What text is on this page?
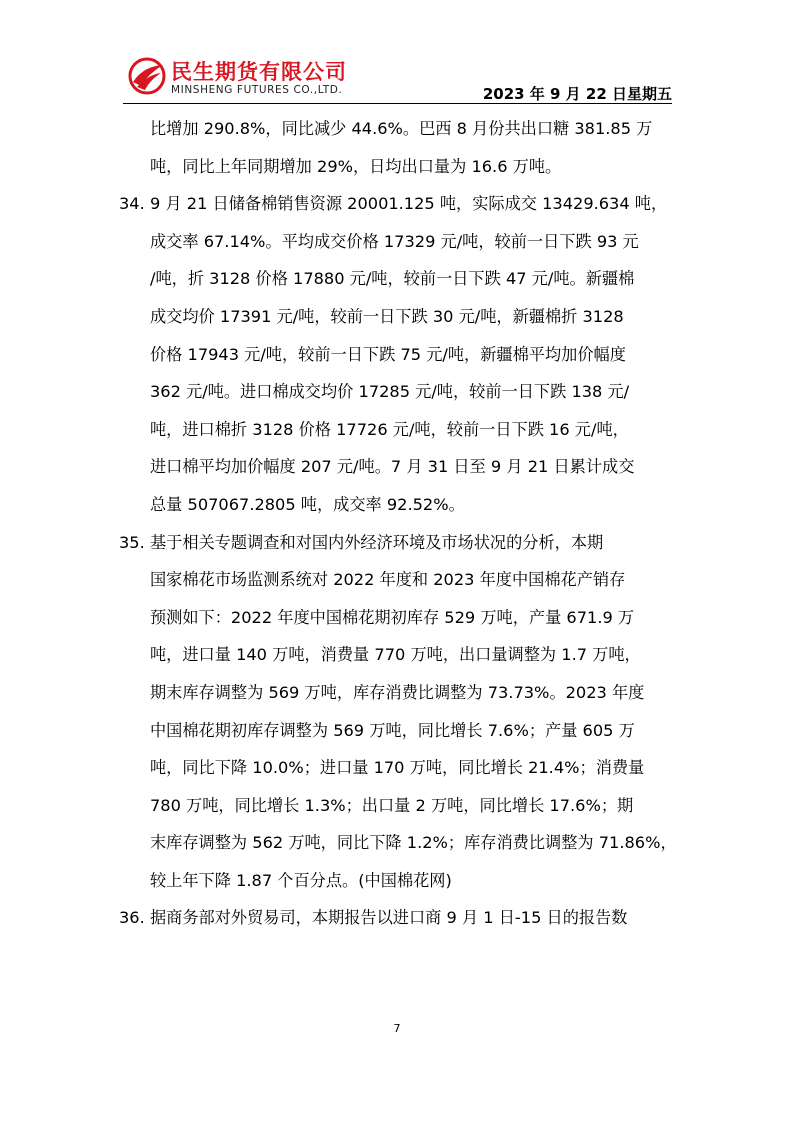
民生期货有限公司
MINSHENG FUTURES CO.,LTD.	2023 年 9 月 22 日星期五
比增加 290.8%，同比减少 44.6%。巴西 8 月份共出口糖 381.85 万
吨，同比上年同期增加 29%，日均出口量为 16.6 万吨。
34. 9 月 21 日储备棉销售资源 20001.125 吨，实际成交 13429.634 吨，
成交率 67.14%。平均成交价格 17329 元/吨，较前一日下跌 93 元
/吨，折 3128 价格 17880 元/吨，较前一日下跌 47 元/吨。新疆棉
成交均价 17391 元/吨，较前一日下跌 30 元/吨，新疆棉折 3128
价格 17943 元/吨，较前一日下跌 75 元/吨，新疆棉平均加价幅度
362 元/吨。进口棉成交均价 17285 元/吨，较前一日下跌 138 元/
吨，进口棉折 3128 价格 17726 元/吨，较前一日下跌 16 元/吨，
进口棉平均加价幅度 207 元/吨。7 月 31 日至 9 月 21 日累计成交
总量 507067.2805 吨，成交率 92.52%。
35. 基于相关专题调查和对国内外经济环境及市场状况的分析，本期
国家棉花市场监测系统对 2022 年度和 2023 年度中国棉花产销存
预测如下：2022 年度中国棉花期初库存 529 万吨，产量 671.9 万
吨，进口量 140 万吨，消费量 770 万吨，出口量调整为 1.7 万吨，
期末库存调整为 569 万吨，库存消费比调整为 73.73%。2023 年度
中国棉花期初库存调整为 569 万吨，同比增长 7.6%；产量 605 万
吨，同比下降 10.0%；进口量 170 万吨，同比增长 21.4%；消费量
780 万吨，同比增长 1.3%；出口量 2 万吨，同比增长 17.6%；期
末库存调整为 562 万吨，同比下降 1.2%；库存消费比调整为 71.86%，
较上年下降 1.87 个百分点。(中国棉花网)
36. 据商务部对外贸易司，本期报告以进口商 9 月 1 日-15 日的报告数
7
